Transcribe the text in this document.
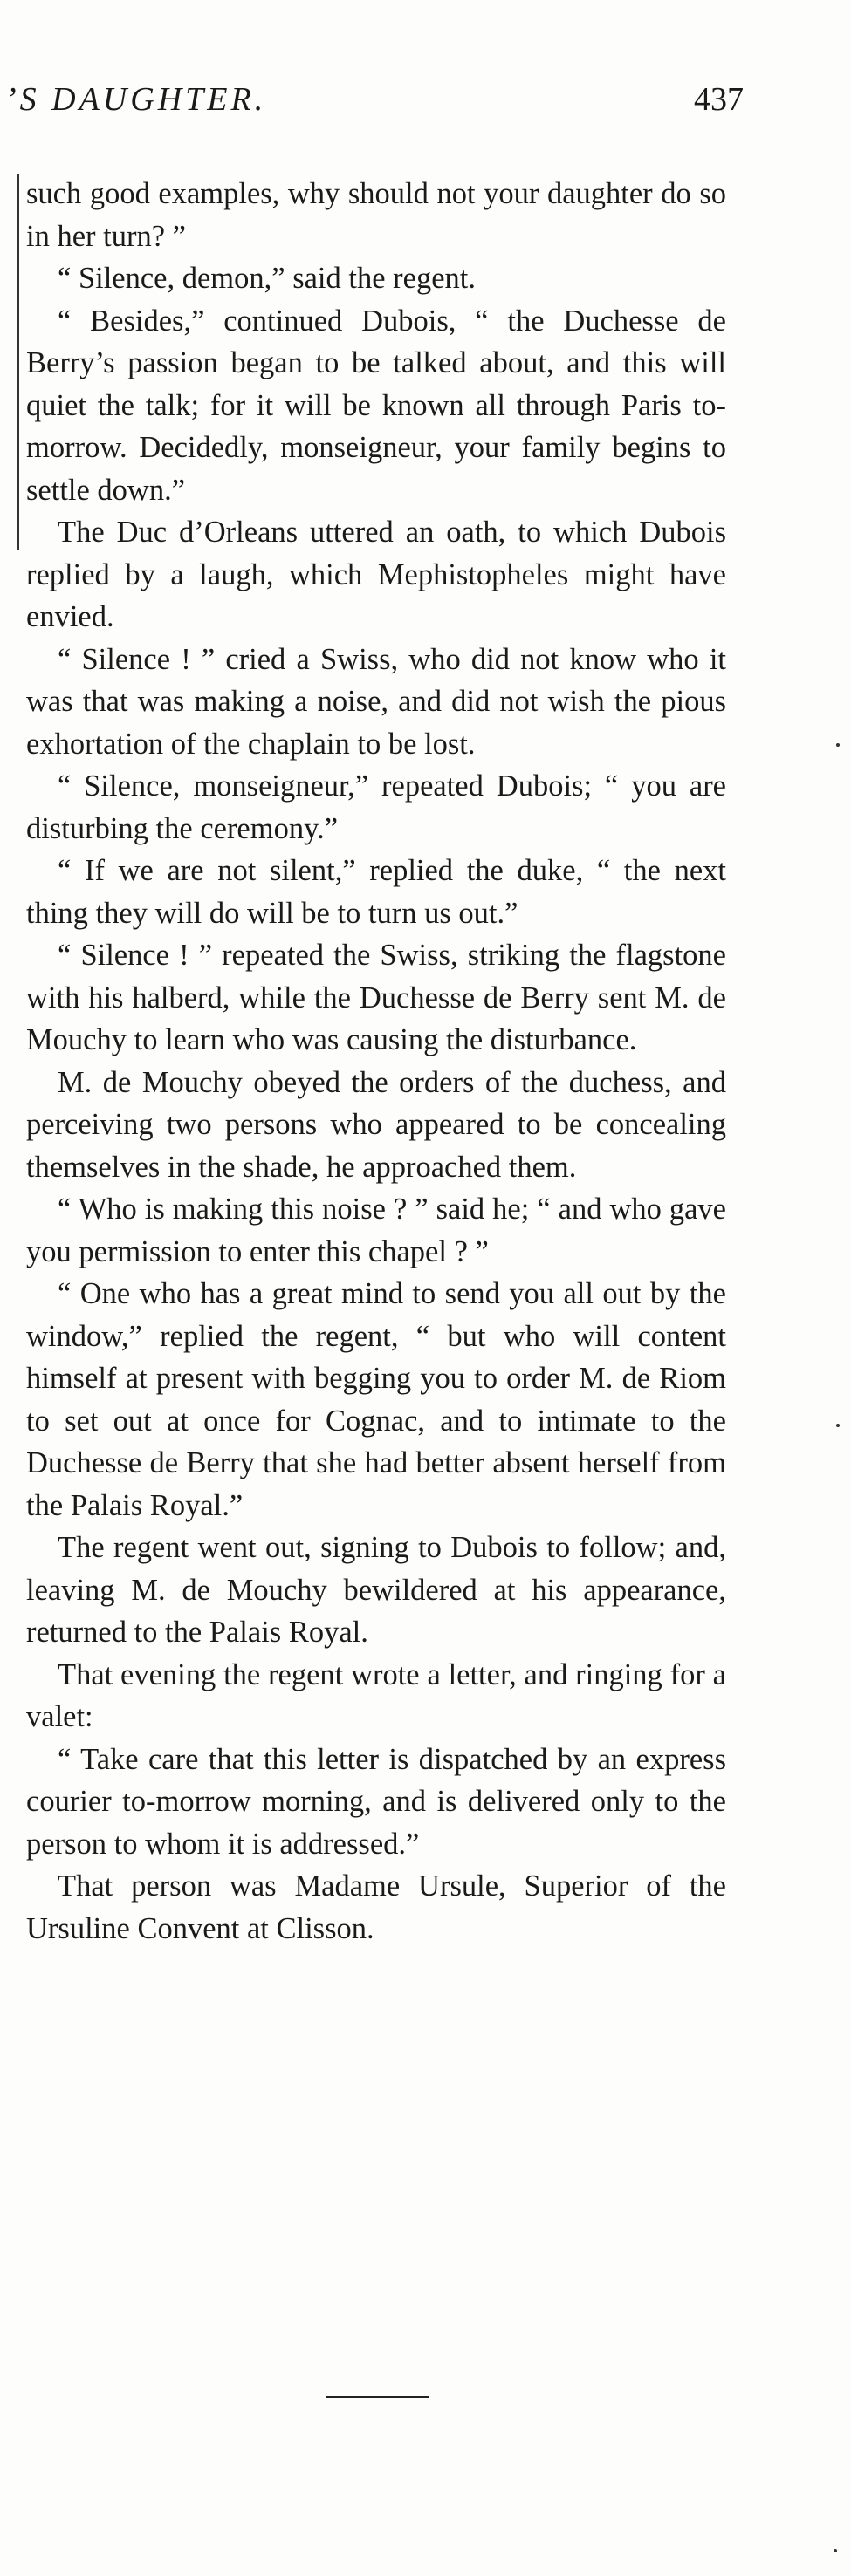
’S DAUGHTER.	437

such good examples, why should not your daughter do so in her turn? ”

“ Silence, demon,” said the regent.

“ Besides,” continued Dubois, “ the Duchesse de Berry’s passion began to be talked about, and this will quiet the talk; for it will be known all through Paris to-morrow. Decidedly, monseigneur, your family begins to settle down.”

The Duc d’Orleans uttered an oath, to which Dubois replied by a laugh, which Mephistopheles might have envied.

“ Silence ! ” cried a Swiss, who did not know who it was that was making a noise, and did not wish the pious exhortation of the chaplain to be lost.

“ Silence, monseigneur,” repeated Dubois; “ you are disturbing the ceremony.”

“ If we are not silent,” replied the duke, “ the next thing they will do will be to turn us out.”

“ Silence ! ” repeated the Swiss, striking the flagstone with his halberd, while the Duchesse de Berry sent M. de Mouchy to learn who was causing the disturbance.

M. de Mouchy obeyed the orders of the duchess, and perceiving two persons who appeared to be concealing themselves in the shade, he approached them.

“ Who is making this noise ? ” said he; “ and who gave you permission to enter this chapel ? ”

“ One who has a great mind to send you all out by the window,” replied the regent, “ but who will content himself at present with begging you to order M. de Riom to set out at once for Cognac, and to intimate to the Duchesse de Berry that she had better absent herself from the Palais Royal.”

The regent went out, signing to Dubois to follow; and, leaving M. de Mouchy bewildered at his appearance, returned to the Palais Royal.

That evening the regent wrote a letter, and ringing for a valet:

“ Take care that this letter is dispatched by an express courier to-morrow morning, and is delivered only to the person to whom it is addressed.”

That person was Madame Ursule, Superior of the Ursuline Convent at Clisson.
